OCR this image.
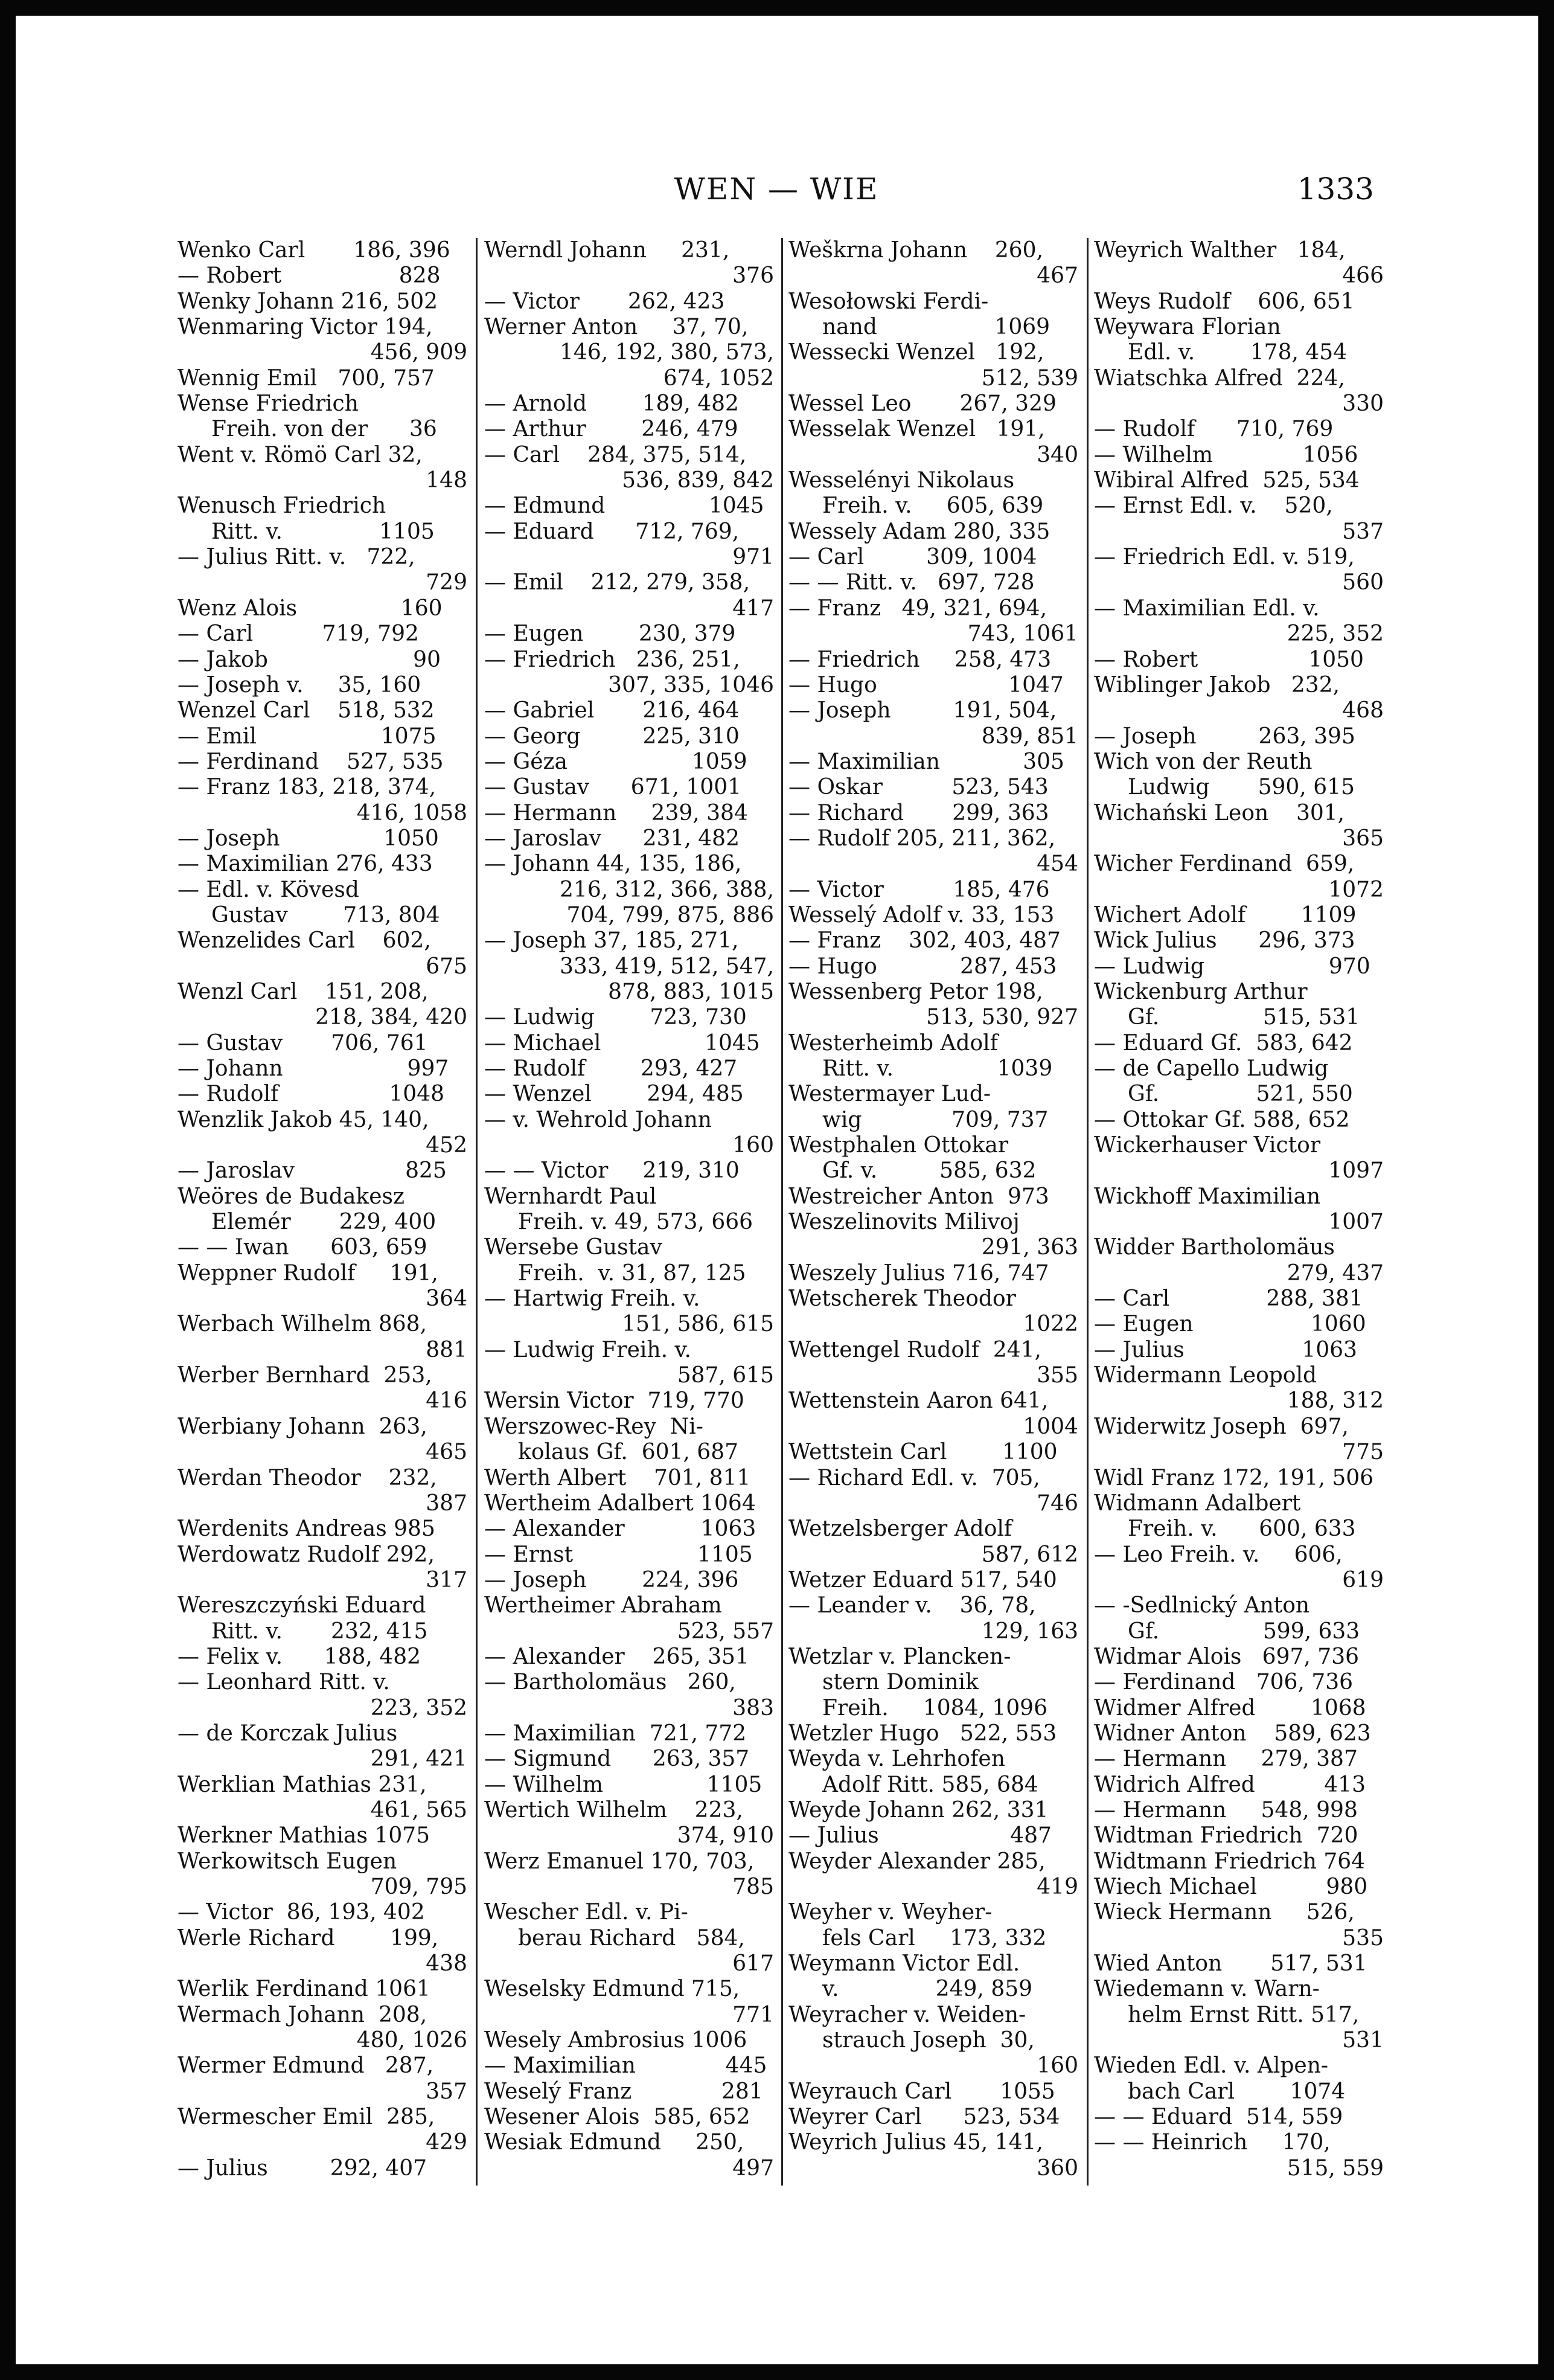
WEN — WIE	1333
Wenko Carl       186, 396
— Robert                 828
Wenky Johann 216, 502
Wenmaring Victor 194,
456, 909
Wennig Emil   700, 757
Wense Friedrich
Freih. von der      36
Went v. Römö Carl 32,
148
Wenusch Friedrich
Ritt. v.              1105
— Julius Ritt. v.   722,
729
Wenz Alois               160
— Carl          719, 792
— Jakob                     90
— Joseph v.     35, 160
Wenzel Carl    518, 532
— Emil                  1075
— Ferdinand    527, 535
— Franz 183, 218, 374,
416, 1058
— Joseph               1050
— Maximilian 276, 433
— Edl. v. Kövesd
Gustav        713, 804
Wenzelides Carl    602,
675
Wenzl Carl    151, 208,
218, 384, 420
— Gustav       706, 761
— Johann                  997
— Rudolf                1048
Wenzlik Jakob 45, 140,
452
— Jaroslav                825
Weöres de Budakesz
Elemér       229, 400
— — Iwan      603, 659
Weppner Rudolf     191,
364
Werbach Wilhelm 868,
881
Werber Bernhard  253,
416
Werbiany Johann  263,
465
Werdan Theodor    232,
387
Werdenits Andreas 985
Werdowatz Rudolf 292,
317
Wereszczyński Eduard
Ritt. v.       232, 415
— Felix v.      188, 482
— Leonhard Ritt. v.
223, 352
— de Korczak Julius
291, 421
Werklian Mathias 231,
461, 565
Werkner Mathias 1075
Werkowitsch Eugen
709, 795
— Victor  86, 193, 402
Werle Richard        199,
438
Werlik Ferdinand 1061
Wermach Johann  208,
480, 1026
Wermer Edmund   287,
357
Wermescher Emil  285,
429
— Julius         292, 407
Werndl Johann     231,
376
— Victor       262, 423
Werner Anton     37, 70,
146, 192, 380, 573,
674, 1052
— Arnold        189, 482
— Arthur        246, 479
— Carl    284, 375, 514,
536, 839, 842
— Edmund               1045
— Eduard      712, 769,
971
— Emil    212, 279, 358,
417
— Eugen        230, 379
— Friedrich   236, 251,
307, 335, 1046
— Gabriel       216, 464
— Georg         225, 310
— Géza                  1059
— Gustav      671, 1001
— Hermann     239, 384
— Jaroslav      231, 482
— Johann 44, 135, 186,
216, 312, 366, 388,
704, 799, 875, 886
— Joseph 37, 185, 271,
333, 419, 512, 547,
878, 883, 1015
— Ludwig        723, 730
— Michael               1045
— Rudolf        293, 427
— Wenzel        294, 485
— v. Wehrold Johann
160
— — Victor     219, 310
Wernhardt Paul
Freih. v. 49, 573, 666
Wersebe Gustav
Freih.  v. 31, 87, 125
— Hartwig Freih. v.
151, 586, 615
— Ludwig Freih. v.
587, 615
Wersin Victor  719, 770
Werszowec-Rey  Ni-
kolaus Gf.  601, 687
Werth Albert    701, 811
Wertheim Adalbert 1064
— Alexander           1063
— Ernst                  1105
— Joseph        224, 396
Wertheimer Abraham
523, 557
— Alexander    265, 351
— Bartholomäus   260,
383
— Maximilian  721, 772
— Sigmund      263, 357
— Wilhelm               1105
Wertich Wilhelm    223,
374, 910
Werz Emanuel 170, 703,
785
Wescher Edl. v. Pi-
berau Richard   584,
617
Weselsky Edmund 715,
771
Wesely Ambrosius 1006
— Maximilian             445
Weselý Franz             281
Wesener Alois  585, 652
Wesiak Edmund     250,
497
Weškrna Johann    260,
467
Wesołowski Ferdi-
nand                 1069
Wessecki Wenzel   192,
512, 539
Wessel Leo       267, 329
Wesselak Wenzel   191,
340
Wesselényi Nikolaus
Freih. v.     605, 639
Wessely Adam 280, 335
— Carl         309, 1004
— — Ritt. v.   697, 728
— Franz   49, 321, 694,
743, 1061
— Friedrich     258, 473
— Hugo                   1047
— Joseph         191, 504,
839, 851
— Maximilian            305
— Oskar          523, 543
— Richard       299, 363
— Rudolf 205, 211, 362,
454
— Victor          185, 476
Wesselý Adolf v. 33, 153
— Franz    302, 403, 487
— Hugo            287, 453
Wessenberg Petor 198,
513, 530, 927
Westerheimb Adolf
Ritt. v.               1039
Westermayer Lud-
wig             709, 737
Westphalen Ottokar
Gf. v.         585, 632
Westreicher Anton  973
Weszelinovits Milivoj
291, 363
Weszely Julius 716, 747
Wetscherek Theodor
1022
Wettengel Rudolf  241,
355
Wettenstein Aaron 641,
1004
Wettstein Carl        1100
— Richard Edl. v.  705,
746
Wetzelsberger Adolf
587, 612
Wetzer Eduard 517, 540
— Leander v.    36, 78,
129, 163
Wetzlar v. Plancken-
stern Dominik
Freih.     1084, 1096
Wetzler Hugo   522, 553
Weyda v. Lehrhofen
Adolf Ritt. 585, 684
Weyde Johann 262, 331
— Julius                   487
Weyder Alexander 285,
419
Weyher v. Weyher-
fels Carl     173, 332
Weymann Victor Edl.
v.              249, 859
Weyracher v. Weiden-
strauch Joseph  30,
160
Weyrauch Carl       1055
Weyrer Carl      523, 534
Weyrich Julius 45, 141,
360
Weyrich Walther   184,
466
Weys Rudolf    606, 651
Weywara Florian
Edl. v.        178, 454
Wiatschka Alfred  224,
330
— Rudolf      710, 769
— Wilhelm             1056
Wibiral Alfred  525, 534
— Ernst Edl. v.    520,
537
— Friedrich Edl. v. 519,
560
— Maximilian Edl. v.
225, 352
— Robert                1050
Wiblinger Jakob   232,
468
— Joseph         263, 395
Wich von der Reuth
Ludwig       590, 615
Wichański Leon    301,
365
Wicher Ferdinand  659,
1072
Wichert Adolf        1109
Wick Julius      296, 373
— Ludwig                  970
Wickenburg Arthur
Gf.               515, 531
— Eduard Gf.  583, 642
— de Capello Ludwig
Gf.              521, 550
— Ottokar Gf. 588, 652
Wickerhauser Victor
1097
Wickhoff Maximilian
1007
Widder Bartholomäus
279, 437
— Carl              288, 381
— Eugen                 1060
— Julius                 1063
Widermann Leopold
188, 312
Widerwitz Joseph  697,
775
Widl Franz 172, 191, 506
Widmann Adalbert
Freih. v.      600, 633
— Leo Freih. v.     606,
619
— -Sedlnický Anton
Gf.               599, 633
Widmar Alois   697, 736
— Ferdinand   706, 736
Widmer Alfred        1068
Widner Anton    589, 623
— Hermann     279, 387
Widrich Alfred          413
— Hermann     548, 998
Widtman Friedrich  720
Widtmann Friedrich 764
Wiech Michael          980
Wieck Hermann     526,
535
Wied Anton       517, 531
Wiedemann v. Warn-
helm Ernst Ritt. 517,
531
Wieden Edl. v. Alpen-
bach Carl        1074
— — Eduard  514, 559
— — Heinrich     170,
515, 559
